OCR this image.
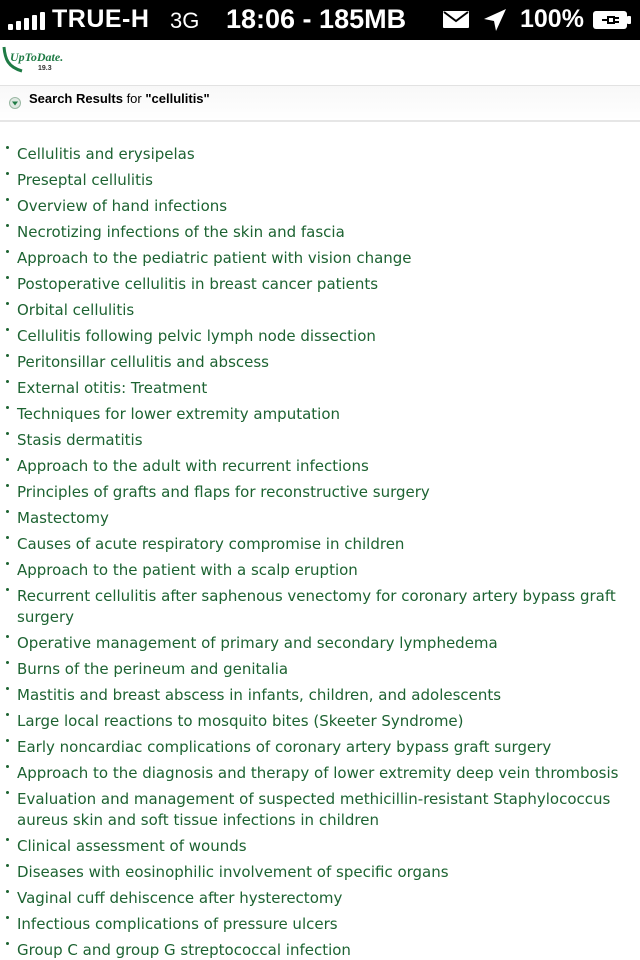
TRUE-H 3G 18:06 - 185MB	100%
UpToDate.
19.3
Search Results for "cellulitis"
Cellulitis and erysipelas
Preseptal cellulitis
Overview of hand infections
Necrotizing infections of the skin and fascia
Approach to the pediatric patient with vision change
Postoperative cellulitis in breast cancer patients
Orbital cellulitis
Cellulitis following pelvic lymph node dissection
Peritonsillar cellulitis and abscess
External otitis: Treatment
Techniques for lower extremity amputation
Stasis dermatitis
Approach to the adult with recurrent infections
Principles of grafts and flaps for reconstructive surgery
Mastectomy
Causes of acute respiratory compromise in children
Approach to the patient with a scalp eruption
Recurrent cellulitis after saphenous venectomy for coronary artery bypass graft surgery
Operative management of primary and secondary lymphedema
Burns of the perineum and genitalia
Mastitis and breast abscess in infants, children, and adolescents
Large local reactions to mosquito bites (Skeeter Syndrome)
Early noncardiac complications of coronary artery bypass graft surgery
Approach to the diagnosis and therapy of lower extremity deep vein thrombosis
Evaluation and management of suspected methicillin-resistant Staphylococcus aureus skin and soft tissue infections in children
Clinical assessment of wounds
Diseases with eosinophilic involvement of specific organs
Vaginal cuff dehiscence after hysterectomy
Infectious complications of pressure ulcers
Group C and group G streptococcal infection
